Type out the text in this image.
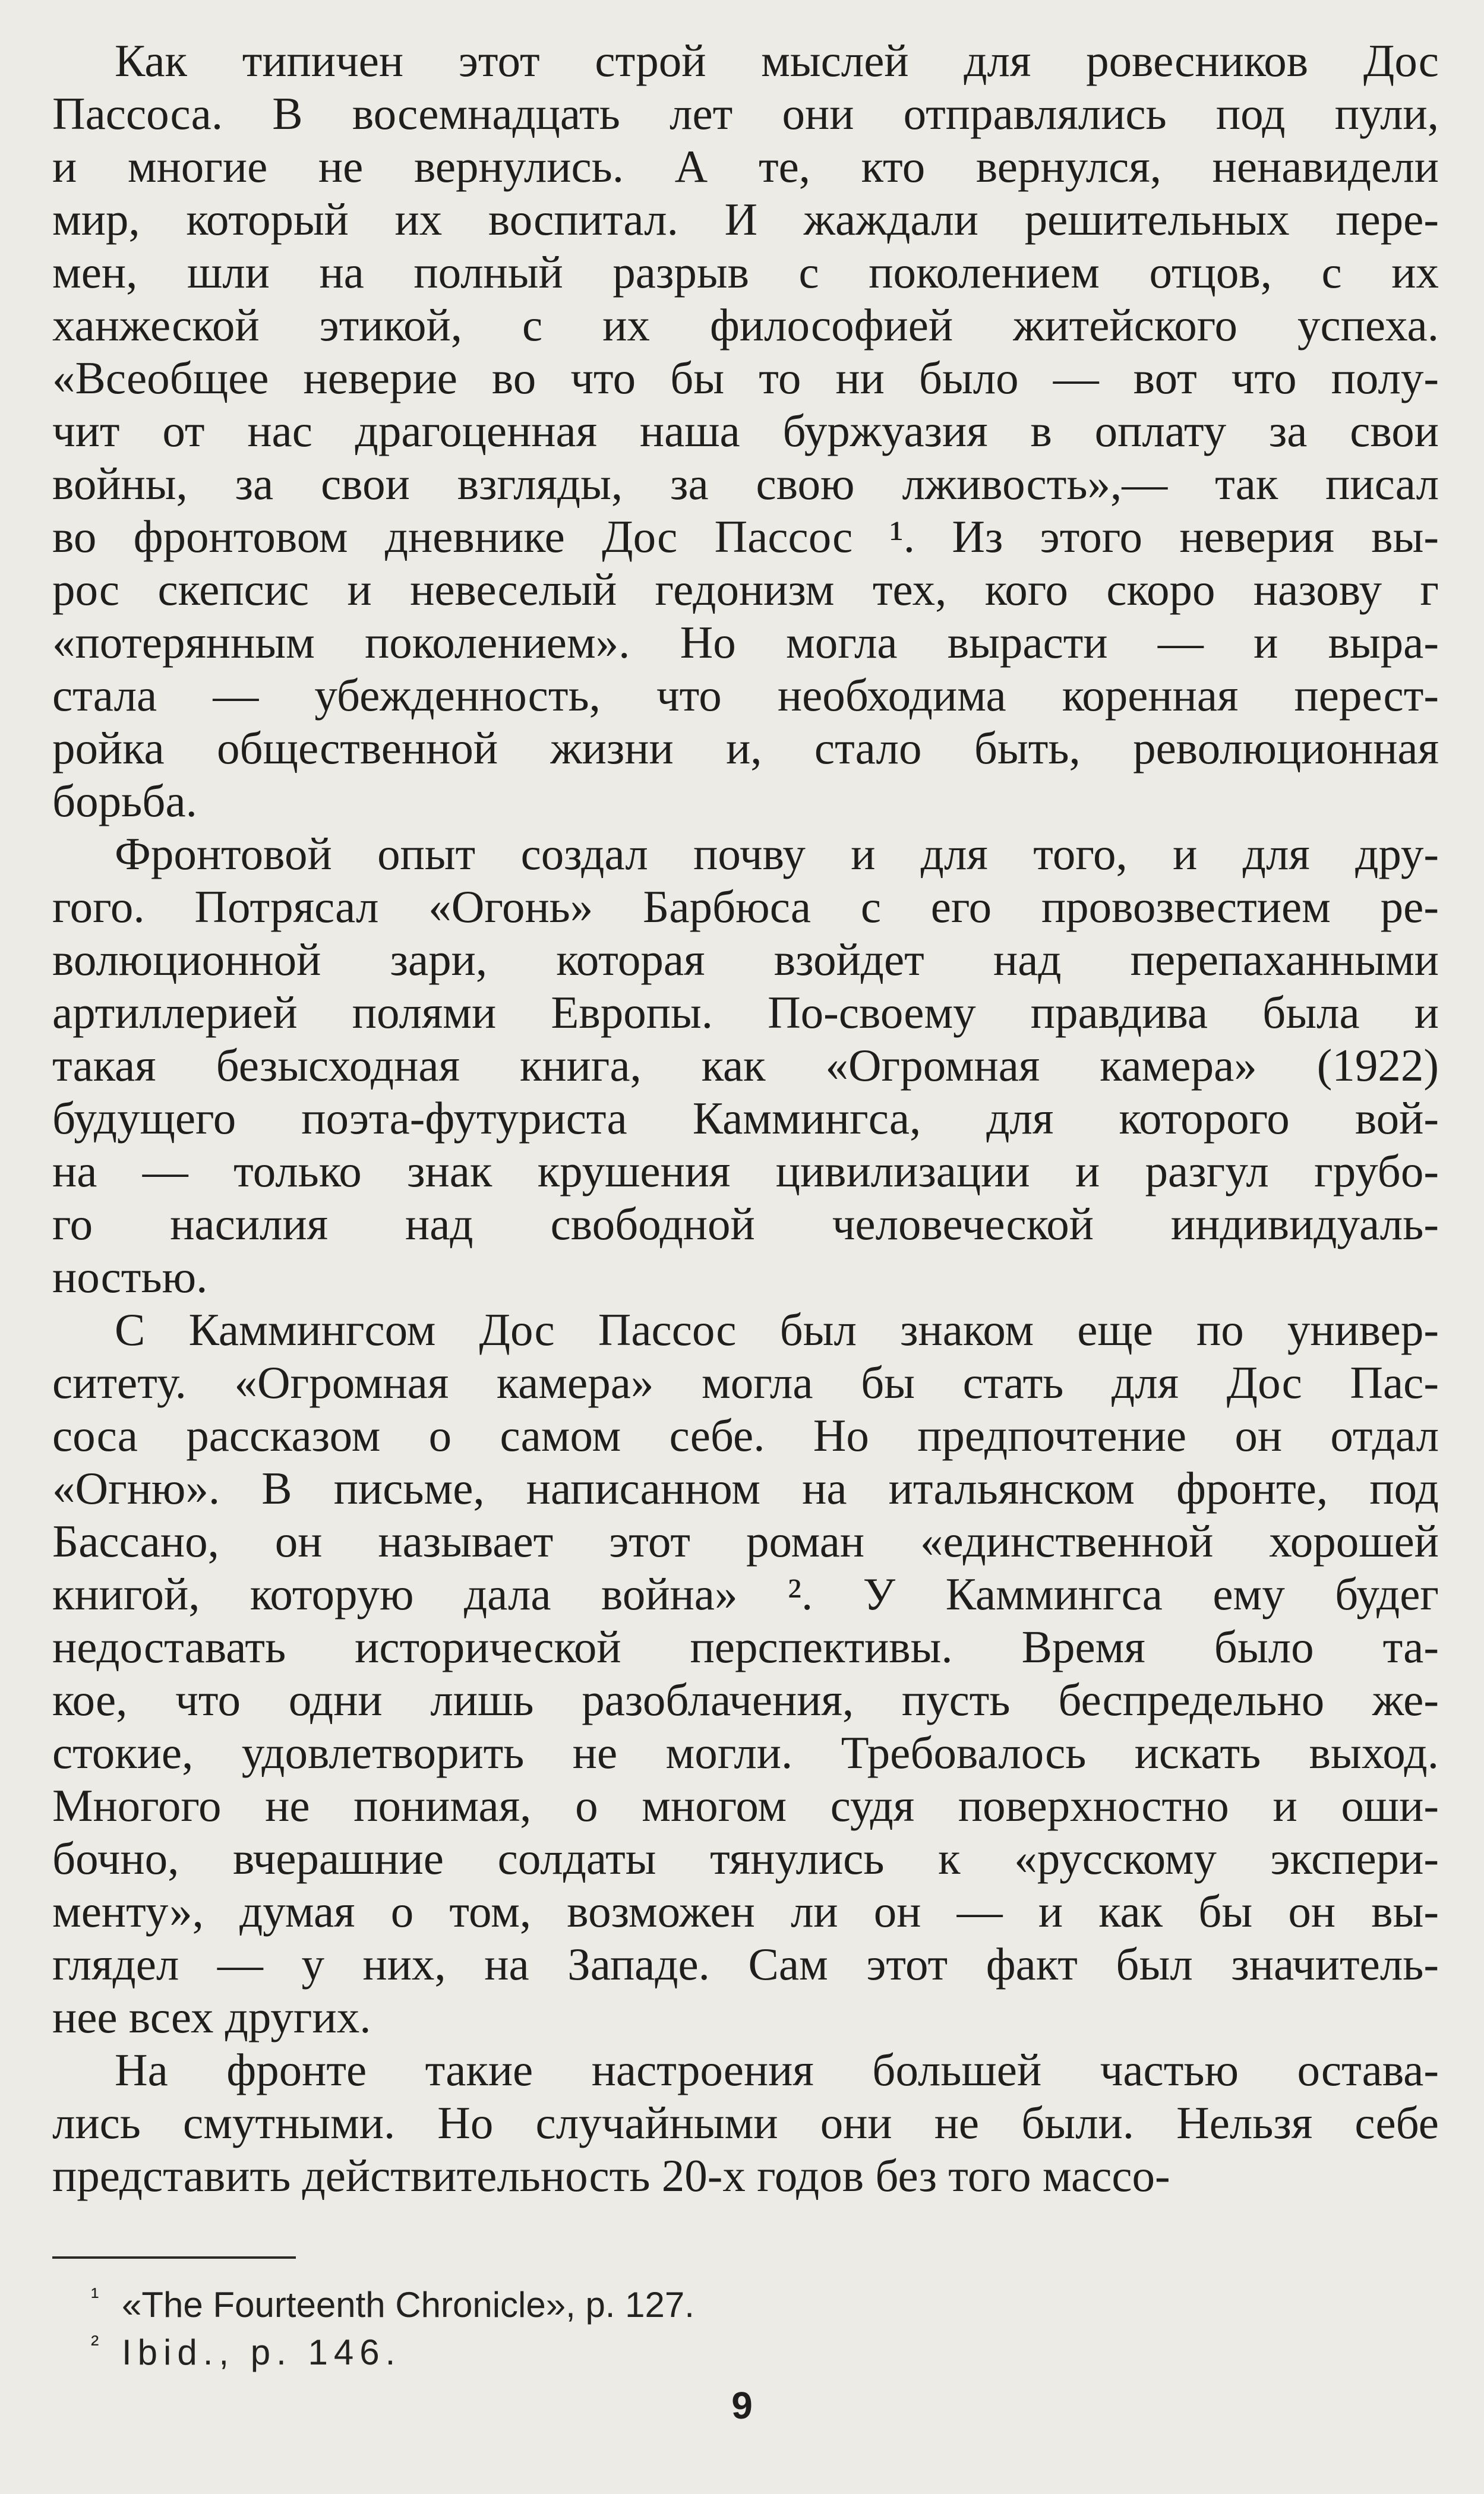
Как типичен этот строй мыслей для ровесников Дос
Пассоса. В восемнадцать лет они отправлялись под пули,
и многие не вернулись. А те, кто вернулся, ненавидели
мир, который их воспитал. И жаждали решительных пере-
мен, шли на полный разрыв с поколением отцов, с их
ханжеской этикой, с их философией житейского успеха.
«Всеобщее неверие во что бы то ни было — вот что полу-
чит от нас драгоценная наша буржуазия в оплату за свои
войны, за свои взгляды, за свою лживость»,— так писал
во фронтовом дневнике Дос Пассос ¹. Из этого неверия вы-
рос скепсис и невеселый гедонизм тех, кого скоро назову г
«потерянным поколением». Но могла вырасти — и выра-
стала — убежденность, что необходима коренная перест-
ройка общественной жизни и, стало быть, революционная
борьба.
Фронтовой опыт создал почву и для того, и для дру-
гого. Потрясал «Огонь» Барбюса с его провозвестием ре-
волюционной зари, которая взойдет над перепаханными
артиллерией полями Европы. По-своему правдива была и
такая безысходная книга, как «Огромная камера» (1922)
будущего поэта-футуриста Каммингса, для которого вой-
на — только знак крушения цивилизации и разгул грубо-
го насилия над свободной человеческой индивидуаль-
ностью.
С Каммингсом Дос Пассос был знаком еще по универ-
ситету. «Огромная камера» могла бы стать для Дос Пас-
соса рассказом о самом себе. Но предпочтение он отдал
«Огню». В письме, написанном на итальянском фронте, под
Бассано, он называет этот роман «единственной хорошей
книгой, которую дала война» ². У Каммингса ему будег
недоставать исторической перспективы. Время было та-
кое, что одни лишь разоблачения, пусть беспредельно же-
стокие, удовлетворить не могли. Требовалось искать выход.
Многого не понимая, о многом судя поверхностно и оши-
бочно, вчерашние солдаты тянулись к «русскому экспери-
менту», думая о том, возможен ли он — и как бы он вы-
глядел — у них, на Западе. Сам этот факт был значитель-
нее всех других.
На фронте такие настроения большей частью остава-
лись смутными. Но случайными они не были. Нельзя себе
представить действительность 20-х годов без того массо-
¹ «The Fourteenth Chronicle», p. 127.
² Ibid., p. 146.
9
